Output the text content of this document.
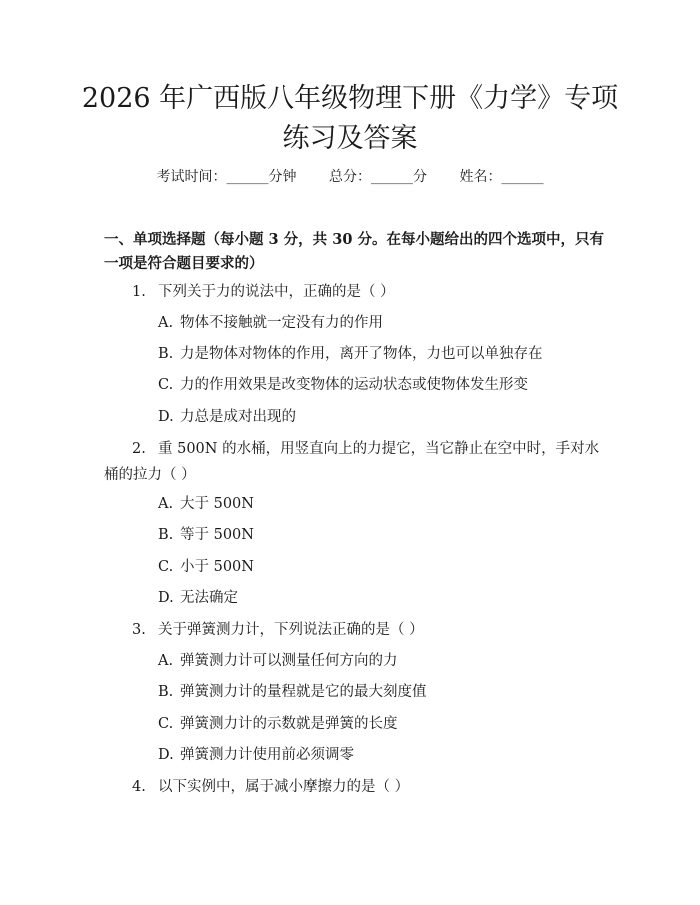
2026 年广西版八年级物理下册《力学》专项
练习及答案
考试时间：______分钟 总分：______分 姓名：______

一、单项选择题（每小题 3 分，共 30 分。在每小题给出的四个选项中，只有一项是符合题目要求的）

1. 下列关于力的说法中，正确的是（ ）
A. 物体不接触就一定没有力的作用
B. 力是物体对物体的作用，离开了物体，力也可以单独存在
C. 力的作用效果是改变物体的运动状态或使物体发生形变
D. 力总是成对出现的
2. 重 500N 的水桶，用竖直向上的力提它，当它静止在空中时，手对水桶的拉力（ ）
A. 大于 500N
B. 等于 500N
C. 小于 500N
D. 无法确定
3. 关于弹簧测力计，下列说法正确的是（ ）
A. 弹簧测力计可以测量任何方向的力
B. 弹簧测力计的量程就是它的最大刻度值
C. 弹簧测力计的示数就是弹簧的长度
D. 弹簧测力计使用前必须调零
4. 以下实例中，属于减小摩擦力的是（ ）
